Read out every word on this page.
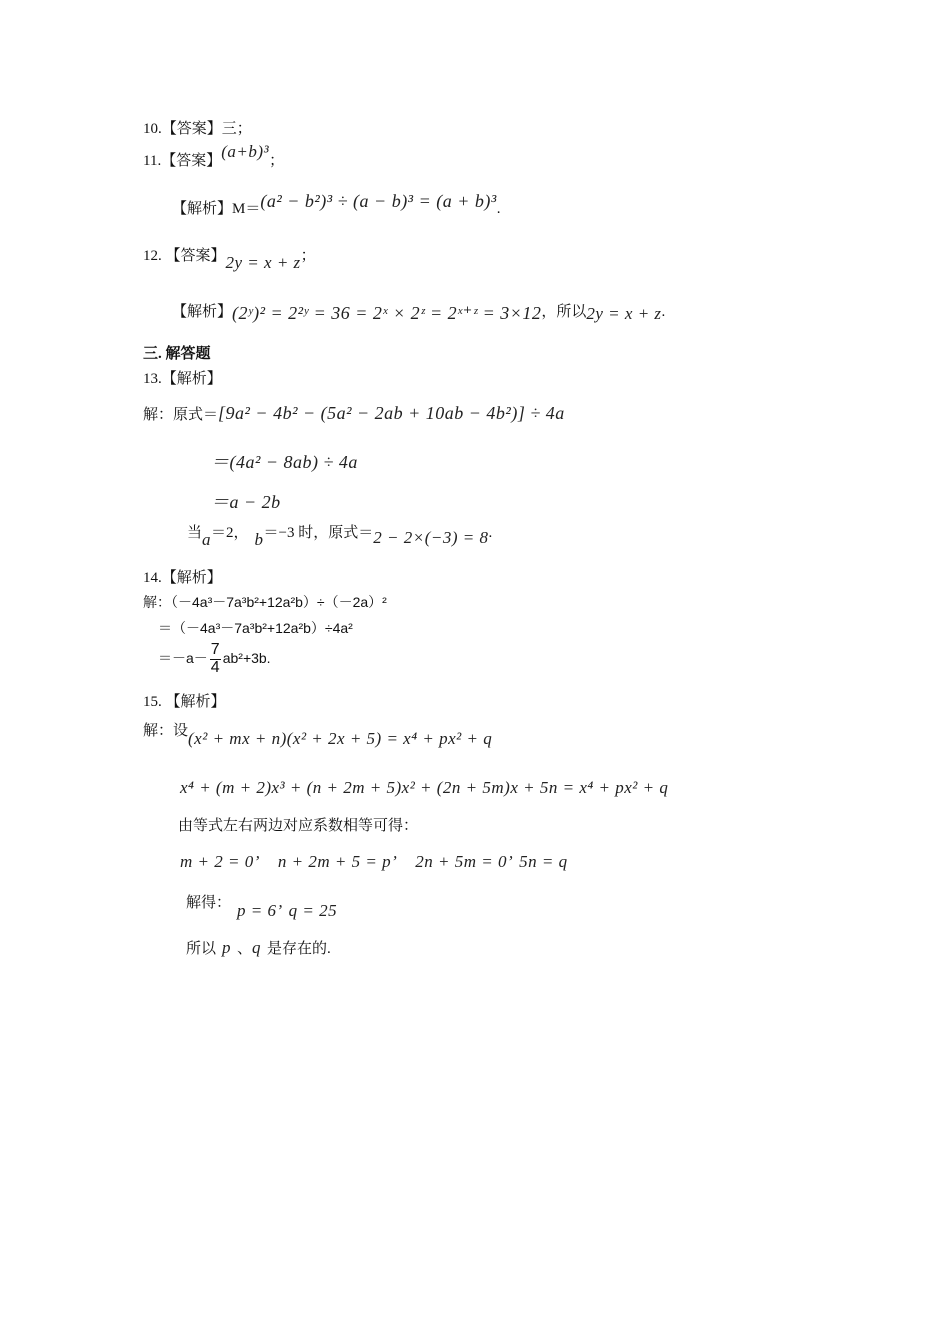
10.【答案】三；
11.【答案】(a+b)³；
【解析】M＝(a² − b²)³ ÷ (a − b)³ = (a + b)³.
12. 【答案】2y = x + z；
【解析】(2ʸ)² = 2²ʸ = 36 = 2ˣ × 2ᶻ = 2ˣ⁺ᶻ = 3×12，所以2y = x + z.
三. 解答题
13.【解析】
解：原式＝[9a² − 4b² − (5a² − 2ab + 10ab − 4b²)] ÷ 4a
＝(4a² − 8ab) ÷ 4a
＝a − 2b
当a＝2， b＝−3 时，原式＝2 − 2×(−3) = 8.
14.【解析】
解：（－4a³－7a³b²+12a²b）÷（－2a）²
＝（－4a³－7a³b²+12a²b）÷4a²
$=-a- \frac{7}{4} ab^2+3b$.
15. 【解析】
解：设(x² + mx + n)(x² + 2x + 5) = x⁴ + px² + q
x⁴ + (m + 2)x³ + (n + 2m + 5)x² + (2n + 5m)x + 5n = x⁴ + px² + q
由等式左右两边对应系数相等可得：
m + 2 = 0’ n + 2m + 5 = p’ 2n + 5m = 0’ 5n = q
解得： p = 6’ q = 25
所以 p 、q 是存在的.
